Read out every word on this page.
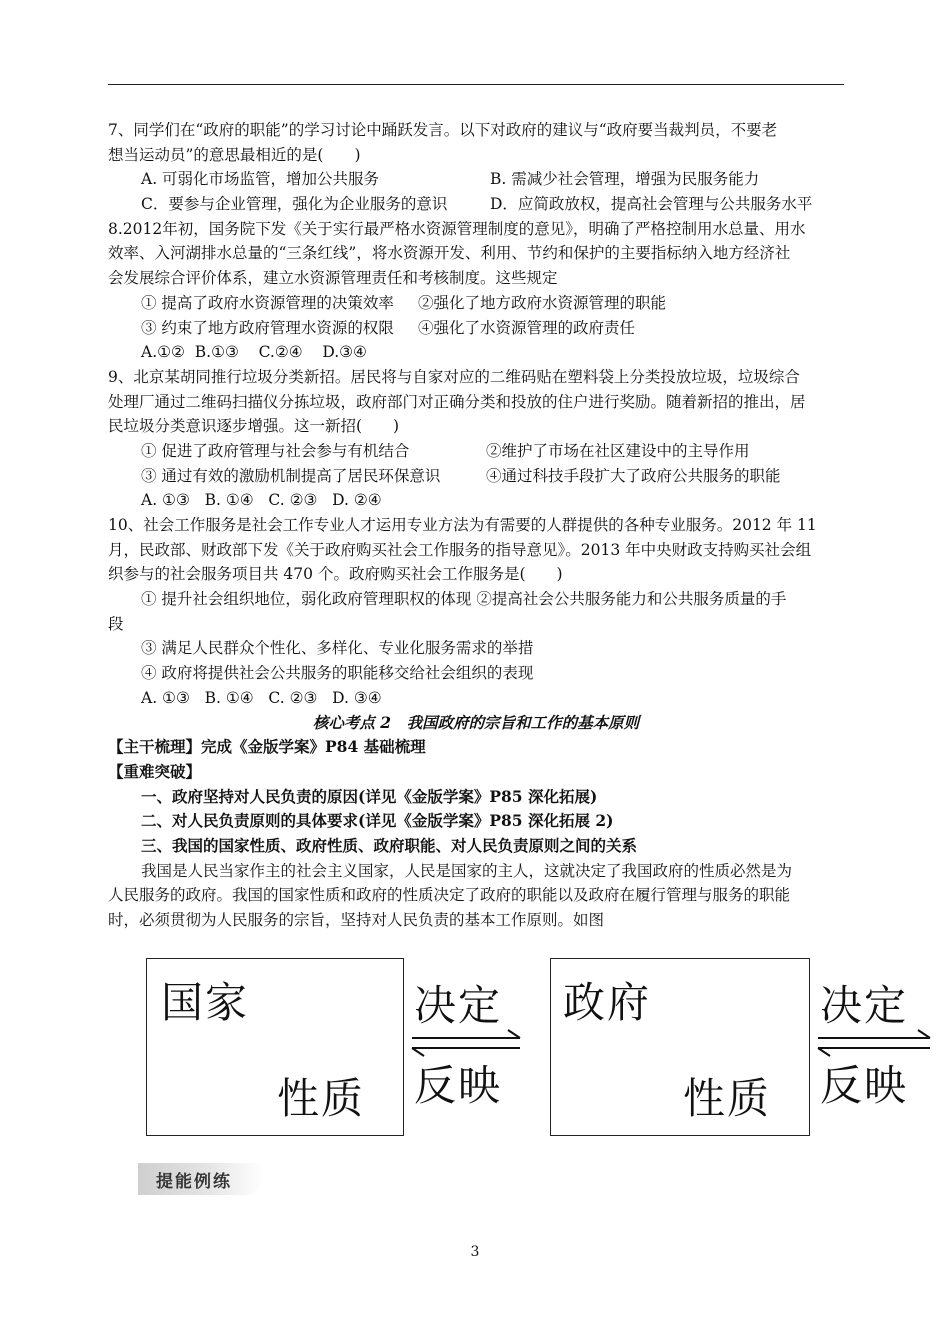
7、同学们在“政府的职能”的学习讨论中踊跃发言。以下对政府的建议与“政府要当裁判员，不要老
想当运动员”的意思最相近的是(　　)
A. 可弱化市场监管，增加公共服务	B. 需减少社会管理，增强为民服务能力
C．要参与企业管理，强化为企业服务的意识	D．应简政放权，提高社会管理与公共服务水平
8.2012年初，国务院下发《关于实行最严格水资源管理制度的意见》，明确了严格控制用水总量、用水
效率、入河湖排水总量的“三条红线”，将水资源开发、利用、节约和保护的主要指标纳入地方经济社
会发展综合评价体系，建立水资源管理责任和考核制度。这些规定
① 提高了政府水资源管理的决策效率 ②强化了地方政府水资源管理的职能
③ 约束了地方政府管理水资源的权限 ④强化了水资源管理的政府责任
A.①②  B.①③    C.②④    D.③④
9、北京某胡同推行垃圾分类新招。居民将与自家对应的二维码贴在塑料袋上分类投放垃圾，垃圾综合
处理厂通过二维码扫描仪分拣垃圾，政府部门对正确分类和投放的住户进行奖励。随着新招的推出，居
民垃圾分类意识逐步增强。这一新招(　　)
① 促进了政府管理与社会参与有机结合	②维护了市场在社区建设中的主导作用
③ 通过有效的激励机制提高了居民环保意识	④通过科技手段扩大了政府公共服务的职能
A. ①③   B. ①④   C. ②③   D. ②④
10、社会工作服务是社会工作专业人才运用专业方法为有需要的人群提供的各种专业服务。2012 年 11
月，民政部、财政部下发《关于政府购买社会工作服务的指导意见》。2013 年中央财政支持购买社会组
织参与的社会服务项目共 470 个。政府购买社会工作服务是(　　)
① 提升社会组织地位，弱化政府管理职权的体现 ②提高社会公共服务能力和公共服务质量的手
段
③ 满足人民群众个性化、多样化、专业化服务需求的举措
④ 政府将提供社会公共服务的职能移交给社会组织的表现
A. ①③   B. ①④   C. ②③   D. ③④
核心考点 2　我国政府的宗旨和工作的基本原则
【主干梳理】完成《金版学案》P84 基础梳理
【重难突破】
一、政府坚持对人民负责的原因(详见《金版学案》P85 深化拓展)
二、对人民负责原则的具体要求(详见《金版学案》P85 深化拓展 2)
三、我国的国家性质、政府性质、政府职能、对人民负责原则之间的关系
我国是人民当家作主的社会主义国家，人民是国家的主人，这就决定了我国政府的性质必然是为
人民服务的政府。我国的国家性质和政府的性质决定了政府的职能以及政府在履行管理与服务的职能
时，必须贯彻为人民服务的宗旨，坚持对人民负责的基本工作原则。如图
国家
性质
决定
反映
政府
性质
决定
反映
提能例练
3
